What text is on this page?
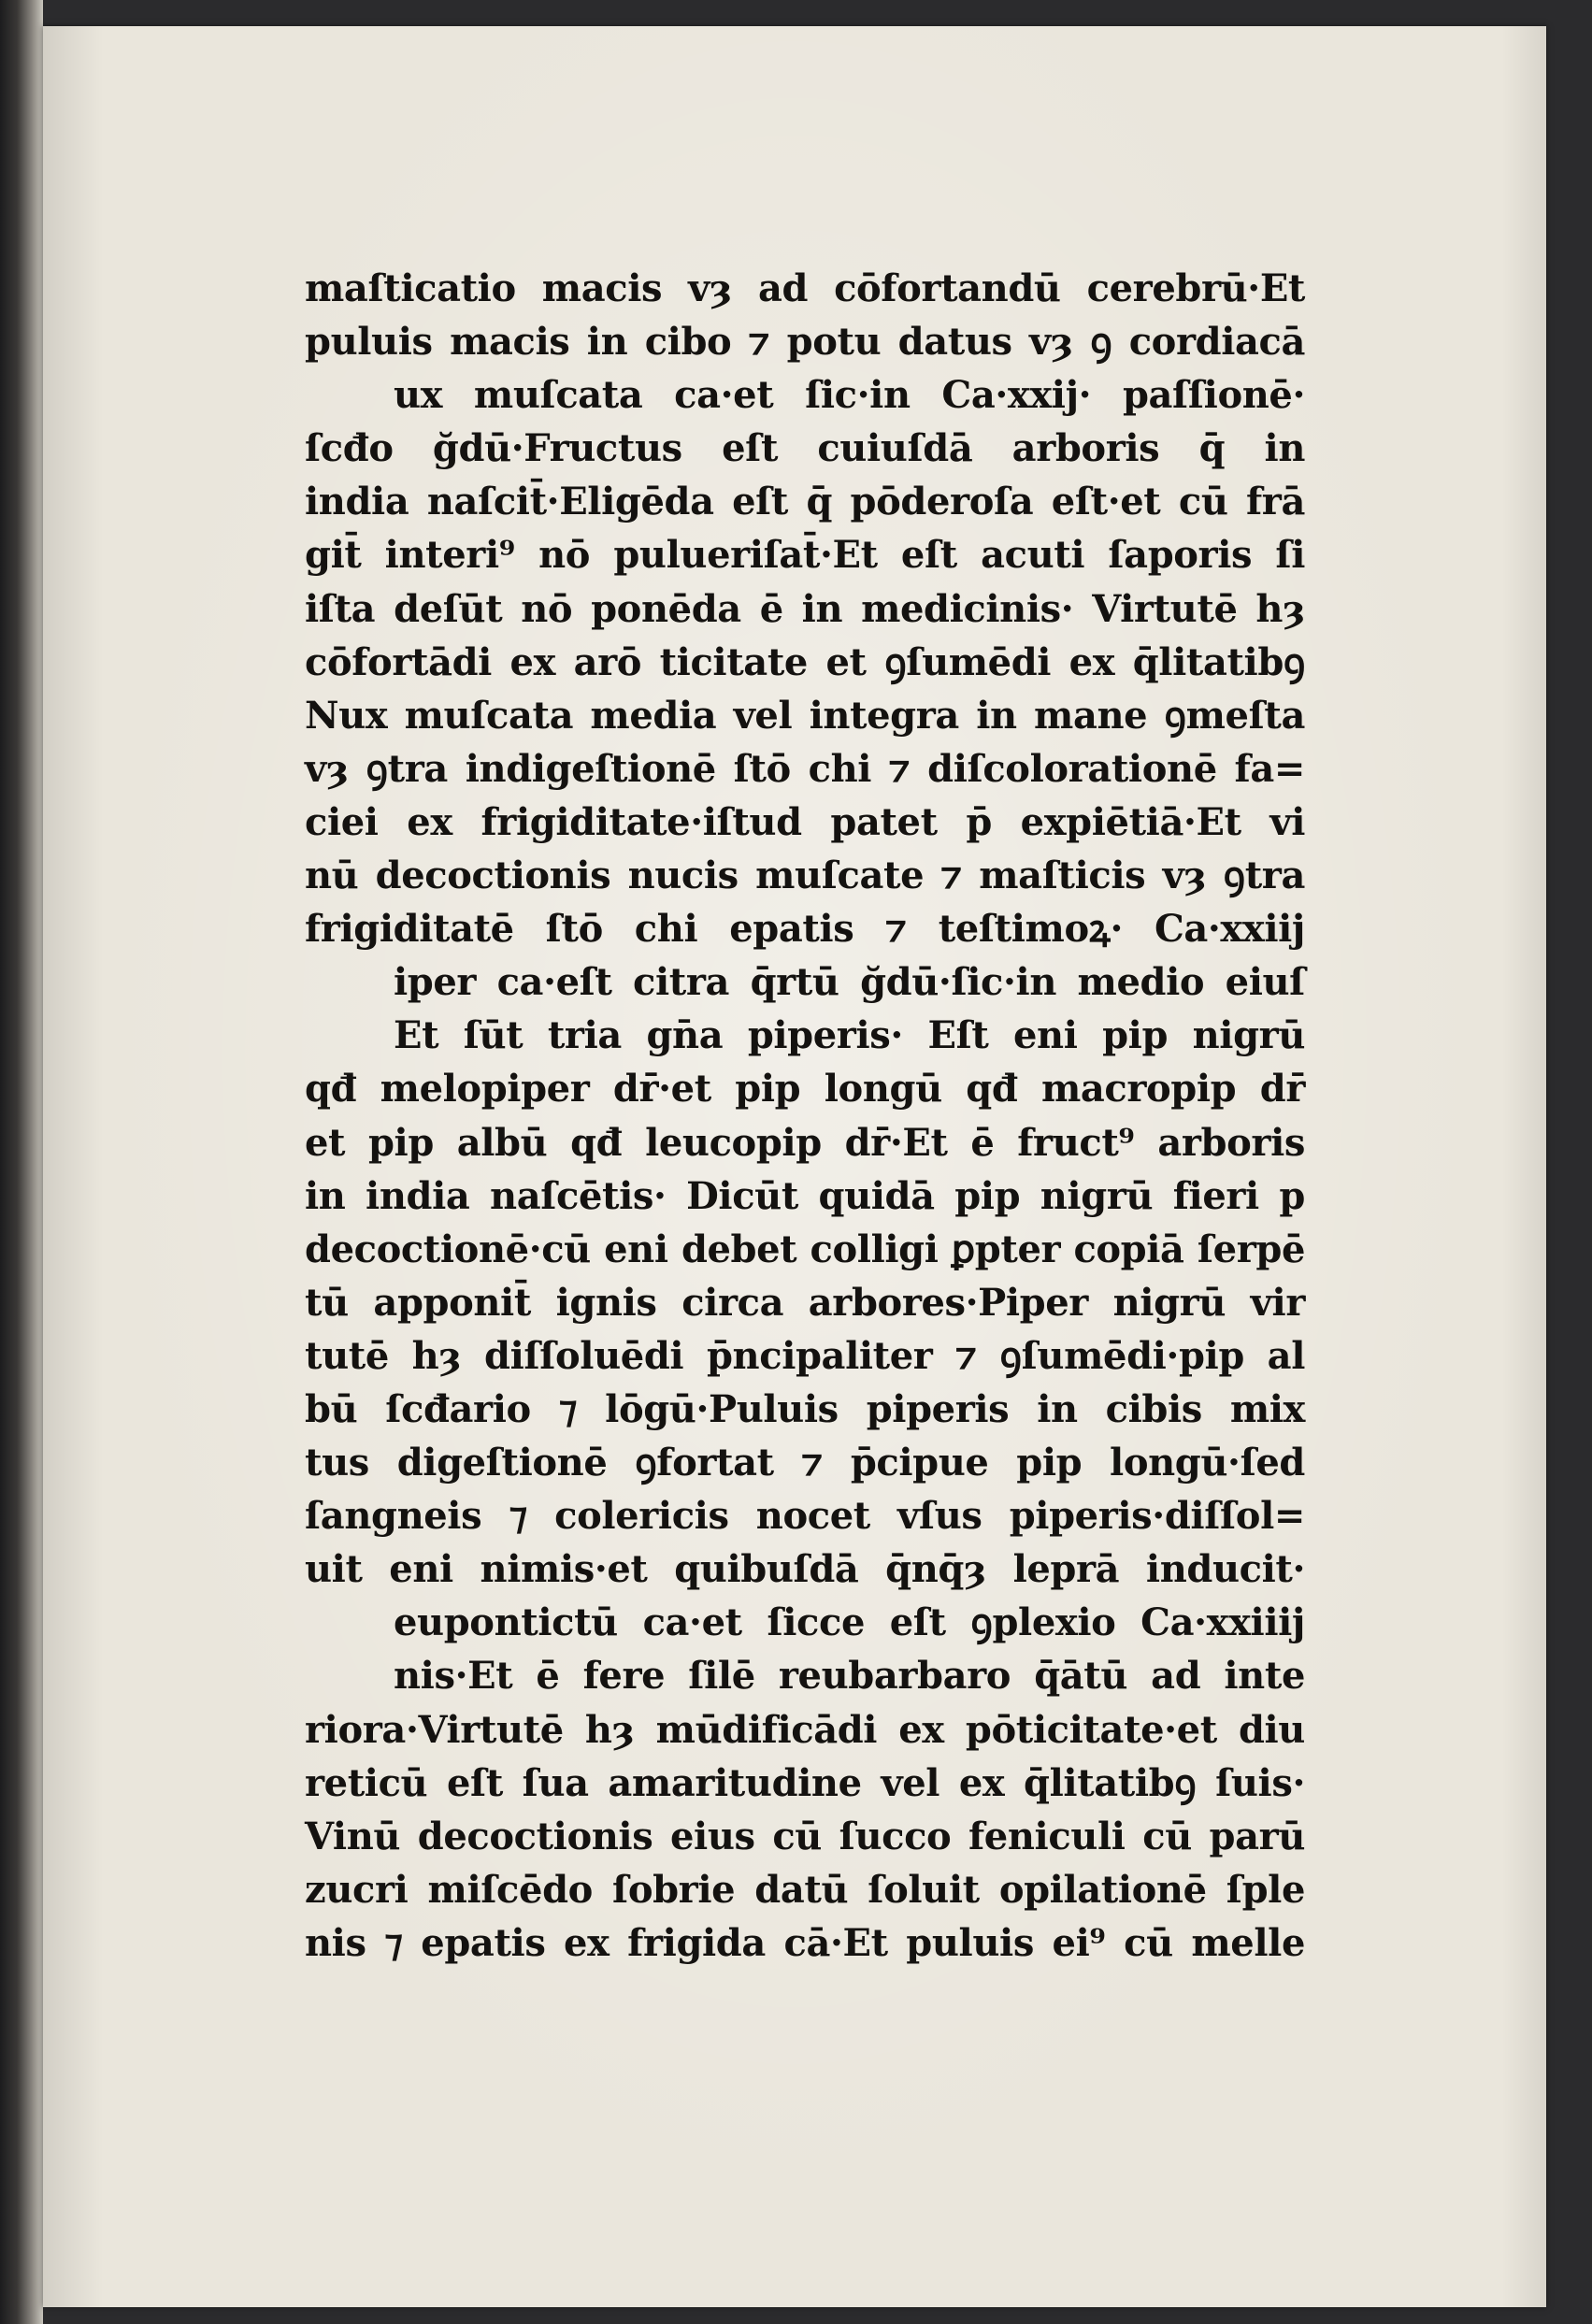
maſticatio macis vȝ ad cōfortandū cerebrū·Et
puluis macis in cibo ⁊ potu datus vȝ ꝯ cordiacā
ux muſcata ca·et ſic·in Ca·xxij· paſſionē·
ſcđo ğdū·Fructus eſt cuiuſdā arboris q̄ in
india naſcit̄·Eligēda eſt q̄ pōderoſa eſt·et cū frā
git̄ interi⁹ nō pulueriſat̄·Et eſt acuti ſaporis ſi
iſta deſūt nō ponēda ē in medicinis· Virtutē hȝ
cōfortādi ex arō ticitate et ꝯſumēdi ex q̄litatibꝯ
Nux muſcata media vel integra in mane ꝯmeſta
vȝ ꝯtra indigeſtionē ſtō chi ⁊ diſcolorationē fa=
ciei ex frigiditate·iſtud patet p̄ expiētiā·Et vi
nū decoctionis nucis muſcate ⁊ maſticis vȝ ꝯtra
frigiditatē ſtō chi epatis ⁊ teſtimoꝝ· Ca·xxiij
iper ca·eſt citra q̄rtū ğdū·ſic·in medio eiuſ
Et ſūt tria gn̄a piperis· Eſt eni pip nigrū
qđ melopiper dr̄·et pip longū qđ macropip dr̄
et pip albū qđ leucopip dr̄·Et ē fruct⁹ arboris
in india naſcētis· Dicūt quidā pip nigrū fieri p
decoctionē·cū eni debet colligi ꝑpter copiā ſerpē
tū apponit̄ ignis circa arbores·Piper nigrū vir
tutē hȝ diſſoluēdi p̄ncipaliter ⁊ ꝯſumēdi·pip al
bū ſcđario ⁊ lōgū·Puluis piperis in cibis mix
tus digeſtionē ꝯfortat ⁊ p̄cipue pip longū·ſed
ſangneis ⁊ colericis nocet vſus piperis·diſſol=
uit eni nimis·et quibuſdā q̄nq̄ȝ leprā inducit·
eupontictū ca·et ſicce eſt ꝯplexio Ca·xxiiij
nis·Et ē fere ſilē reubarbaro q̄ātū ad inte
riora·Virtutē hȝ mūdificādi ex pōticitate·et diu
reticū eſt ſua amaritudine vel ex q̄litatibꝯ ſuis·
Vinū decoctionis eius cū ſucco feniculi cū parū
zucri miſcēdo ſobrie datū ſoluit opilationē ſple
nis ⁊ epatis ex frigida cā·Et puluis ei⁹ cū melle
